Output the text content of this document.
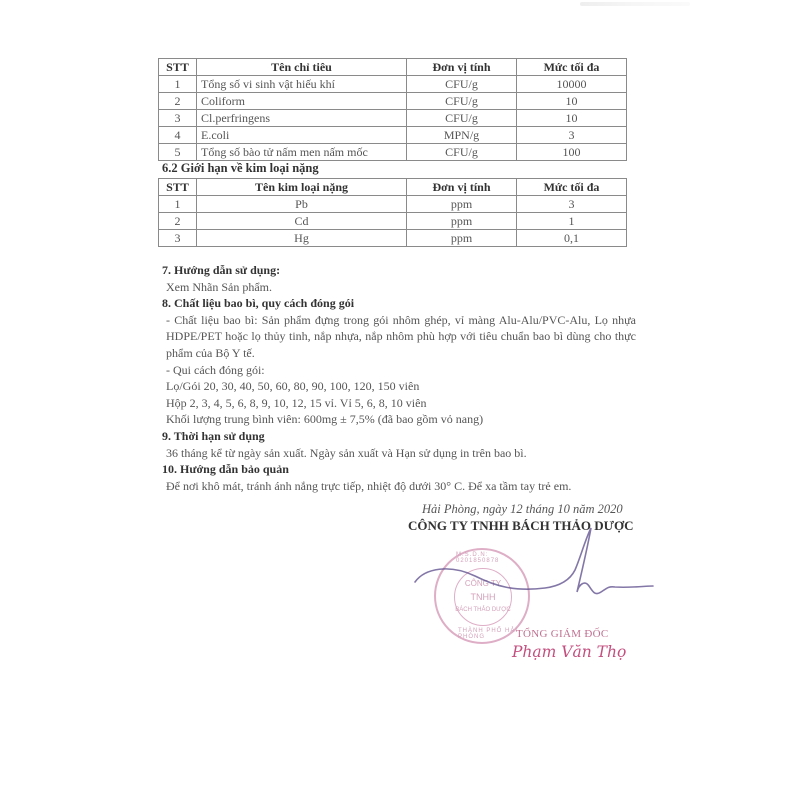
STT	Tên chỉ tiêu	Đơn vị tính	Mức tối đa
1	Tổng số vi sinh vật hiếu khí	CFU/g	10000
2	Coliform	CFU/g	10
3	Cl.perfringens	CFU/g	10
4	E.coli	MPN/g	3
5	Tổng số bào tử nấm men nấm mốc	CFU/g	100
6.2 Giới hạn về kim loại nặng
STT	Tên kim loại nặng	Đơn vị tính	Mức tối đa
1	Pb	ppm	3
2	Cd	ppm	1
3	Hg	ppm	0,1
7. Hướng dẫn sử dụng:
Xem Nhãn Sản phẩm.
8. Chất liệu bao bì, quy cách đóng gói
- Chất liệu bao bì: Sản phẩm đựng trong gói nhôm ghép, vỉ màng Alu-Alu/PVC-Alu, Lọ nhựa HDPE/PET hoặc lọ thủy tinh, nắp nhựa, nắp nhôm phù hợp với tiêu chuẩn bao bì dùng cho thực phẩm của Bộ Y tế.
- Qui cách đóng gói:
Lọ/Gói 20, 30, 40, 50, 60, 80, 90, 100, 120, 150 viên
Hộp 2, 3, 4, 5, 6, 8, 9, 10, 12, 15 vỉ. Vỉ 5, 6, 8, 10 viên
Khối lượng trung bình viên: 600mg ± 7,5% (đã bao gồm vỏ nang)
9. Thời hạn sử dụng
36 tháng kể từ ngày sản xuất. Ngày sản xuất và Hạn sử dụng in trên bao bì.
10. Hướng dẫn bảo quản
Để nơi khô mát, tránh ánh nắng trực tiếp, nhiệt độ dưới 30° C. Để xa tầm tay trẻ em.
Hải Phòng, ngày 12 tháng 10 năm 2020
CÔNG TY TNHH BÁCH THẢO DƯỢC
M.S.D.N: 0201850878
CÔNG TY
TNHH
BÁCH THẢO DƯỢC
THÀNH PHỐ HẢI PHÒNG	TỔNG GIÁM ĐỐC
Phạm Văn Thọ
